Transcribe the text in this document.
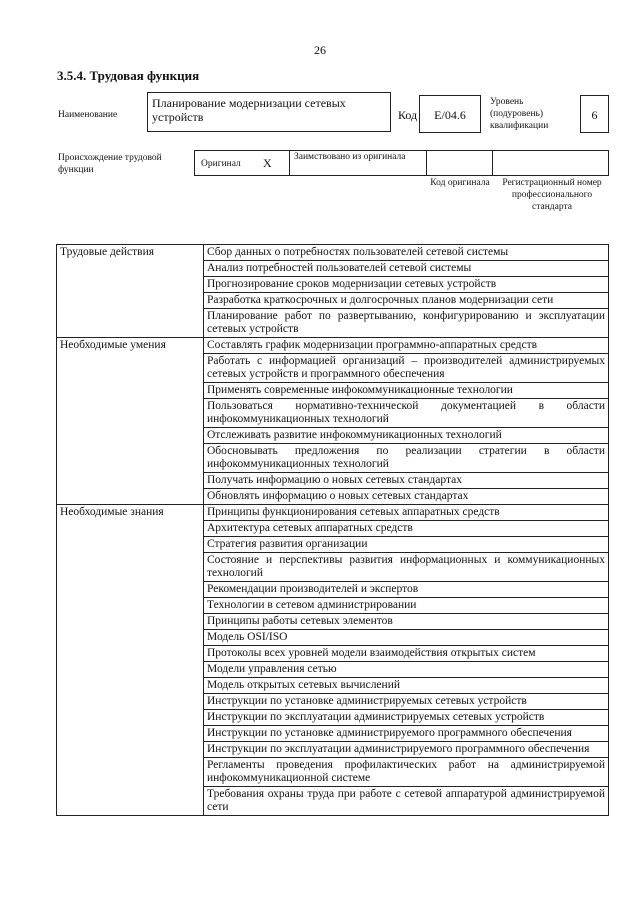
26
3.5.4. Трудовая функция
Наименование
Планирование модернизации сетевых устройств	Код	E/04.6
Уровень (подуровень) квалификации
6
Происхождение трудовой функции
Оригинал X Заимствовано из оригинала
Код оригинала	Регистрационный номер профессионального стандарта
Трудовые действия	Сбор данных о потребностях пользователей сетевой системы
	Анализ потребностей пользователей сетевой системы
	Прогнозирование сроков модернизации сетевых устройств
	Разработка краткосрочных и долгосрочных планов модернизации сети
	Планирование работ по развертыванию, конфигурированию и эксплуатации сетевых устройств
Необходимые умения	Составлять график модернизации программно-аппаратных средств
	Работать с информацией организаций – производителей администрируемых сетевых устройств и программного обеспечения
	Применять современные инфокоммуникационные технологии
	Пользоваться нормативно-технической документацией в области инфокоммуникационных технологий
	Отслеживать развитие инфокоммуникационных технологий
	Обосновывать предложения по реализации стратегии в области инфокоммуникационных технологий
	Получать информацию о новых сетевых стандартах
	Обновлять информацию о новых сетевых стандартах
Необходимые знания	Принципы функционирования сетевых аппаратных средств
	Архитектура сетевых аппаратных средств
	Стратегия развития организации
	Состояние и перспективы развития информационных и коммуникационных технологий
	Рекомендации производителей и экспертов
	Технологии в сетевом администрировании
	Принципы работы сетевых элементов
	Модель OSI/ISO
	Протоколы всех уровней модели взаимодействия открытых систем
	Модели управления сетью
	Модель открытых сетевых вычислений
	Инструкции по установке администрируемых сетевых устройств
	Инструкции по эксплуатации администрируемых сетевых устройств
	Инструкции по установке администрируемого программного обеспечения
	Инструкции по эксплуатации администрируемого программного обеспечения
	Регламенты проведения профилактических работ на администрируемой инфокоммуникационной системе
	Требования охраны труда при работе с сетевой аппаратурой администрируемой сети
